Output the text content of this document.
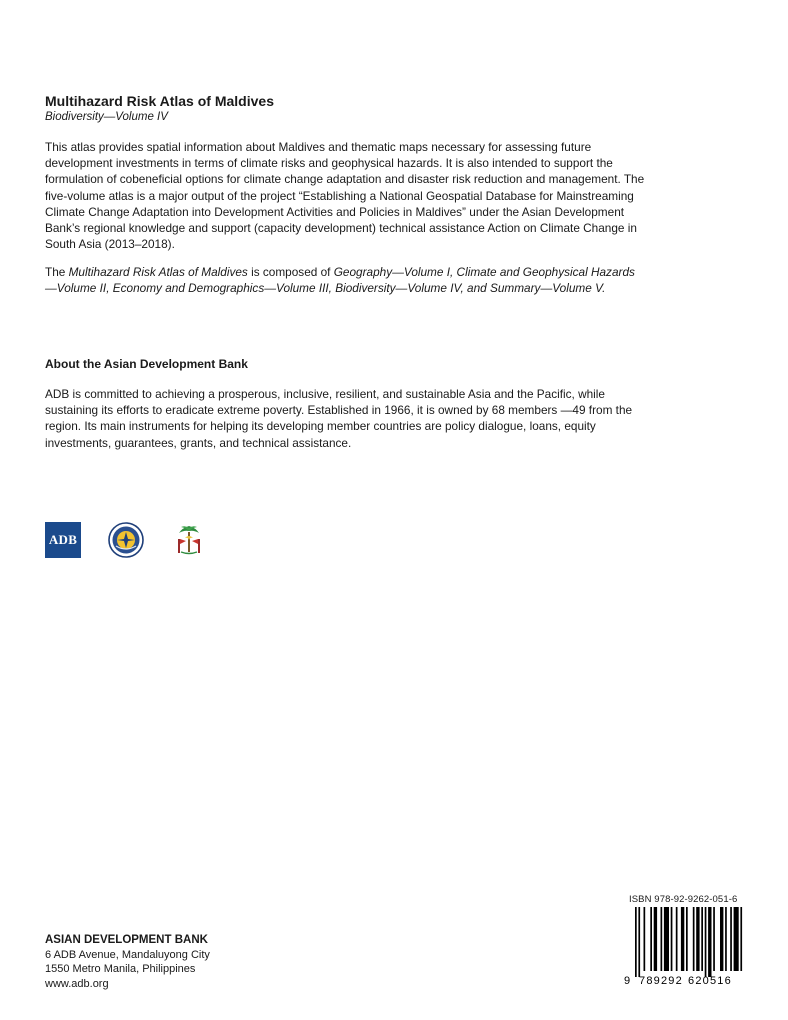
Multihazard Risk Atlas of Maldives
Biodiversity—Volume IV

This atlas provides spatial information about Maldives and thematic maps necessary for assessing future development investments in terms of climate risks and geophysical hazards. It is also intended to support the formulation of cobeneficial options for climate change adaptation and disaster risk reduction and management. The five-volume atlas is a major output of the project “Establishing a National Geospatial Database for Mainstreaming Climate Change Adaptation into Development Activities and Policies in Maldives” under the Asian Development Bank’s regional knowledge and support (capacity development) technical assistance Action on Climate Change in South Asia (2013–2018).

The Multihazard Risk Atlas of Maldives is composed of Geography—Volume I, Climate and Geophysical Hazards —Volume II, Economy and Demographics—Volume III, Biodiversity—Volume IV, and Summary—Volume V.

About the Asian Development Bank

ADB is committed to achieving a prosperous, inclusive, resilient, and sustainable Asia and the Pacific, while sustaining its efforts to eradicate extreme poverty. Established in 1966, it is owned by 68 members —49 from the region. Its main instruments for helping its developing member countries are policy dialogue, loans, equity investments, guarantees, grants, and technical assistance.

ADB
ASIAN DEVELOPMENT BANK
6 ADB Avenue, Mandaluyong City
1550 Metro Manila, Philippines
www.adb.org
ISBN 978-92-9262-051-6
9 789292 620516
